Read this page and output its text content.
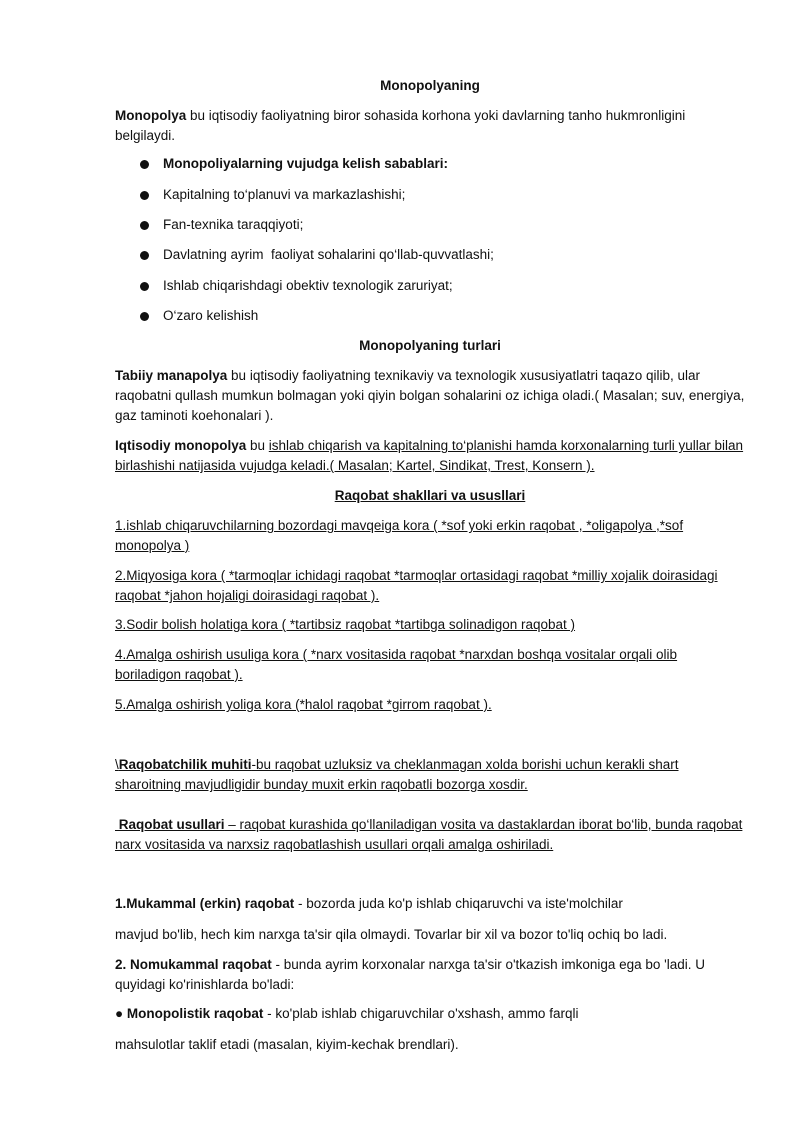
Monopolyaning
Monopolya bu iqtisodiy faoliyatning biror sohasida korhona yoki davlarning tanho hukmronligini belgilaydi.
Monopoliyalarning vujudga kelish sabablari:
Kapitalning to‘planuvi va markazlashishi;
Fan-texnika taraqqiyoti;
Davlatning ayrim  faoliyat sohalarini qo‘llab-quvvatlashi;
Ishlab chiqarishdagi obektiv texnologik zaruriyat;
O‘zaro kelishish
Monopolyaning turlari
Tabiiy manapolya bu iqtisodiy faoliyatning texnikaviy va texnologik xususiyatlatri taqazo qilib, ular raqobatni qullash mumkun bolmagan yoki qiyin bolgan sohalarini oz ichiga oladi.( Masalan; suv, energiya, gaz taminoti koehonalari ).
Iqtisodiy monopolya bu ishlab chiqarish va kapitalning to‘planishi hamda korxonalarning turli yullar bilan birlashishi natijasida vujudga keladi.( Masalan; Kartel, Sindikat, Trest, Konsern ).
Raqobat shakllari va ususllari
1.ishlab chiqaruvchilarning bozordagi mavqeiga kora ( *sof yoki erkin raqobat , *oligapolya ,*sof monopolya )
2.Miqyosiga kora ( *tarmoqlar ichidagi raqobat *tarmoqlar ortasidagi raqobat *milliy xojalik doirasidagi raqobat *jahon hojaligi doirasidagi raqobat ).
3.Sodir bolish holatiga kora ( *tartibsiz raqobat *tartibga solinadigon raqobat )
4.Amalga oshirish usuliga kora ( *narx vositasida raqobat *narxdan boshqa vositalar orqali olib boriladigon raqobat ).
5.Amalga oshirish yoliga kora (*halol raqobat *girrom raqobat ).
\Raqobatchilik muhiti-bu raqobat uzluksiz va cheklanmagan xolda borishi uchun kerakli shart sharoitning mavjudligidir bunday muxit erkin raqobatli bozorga xosdir.
Raqobat usullari – raqobat kurashida qo‘llaniladigan vosita va dastaklardan iborat bo‘lib, bunda raqobat narx vositasida va narxsiz raqobatlashish usullari orqali amalga oshiriladi.
1.Mukammal (erkin) raqobat - bozorda juda ko'p ishlab chiqaruvchi va iste'molchilar
mavjud bo'lib, hech kim narxga ta'sir qila olmaydi. Tovarlar bir xil va bozor to'liq ochiq bo ladi.
2. Nomukammal raqobat - bunda ayrim korxonalar narxga ta'sir o'tkazish imkoniga ega bo 'ladi. U quyidagi ko'rinishlarda bo'ladi:
● Monopolistik raqobat - ko'plab ishlab chigaruvchilar o'xshash, ammo farqli
mahsulotlar taklif etadi (masalan, kiyim-kechak brendlari).
